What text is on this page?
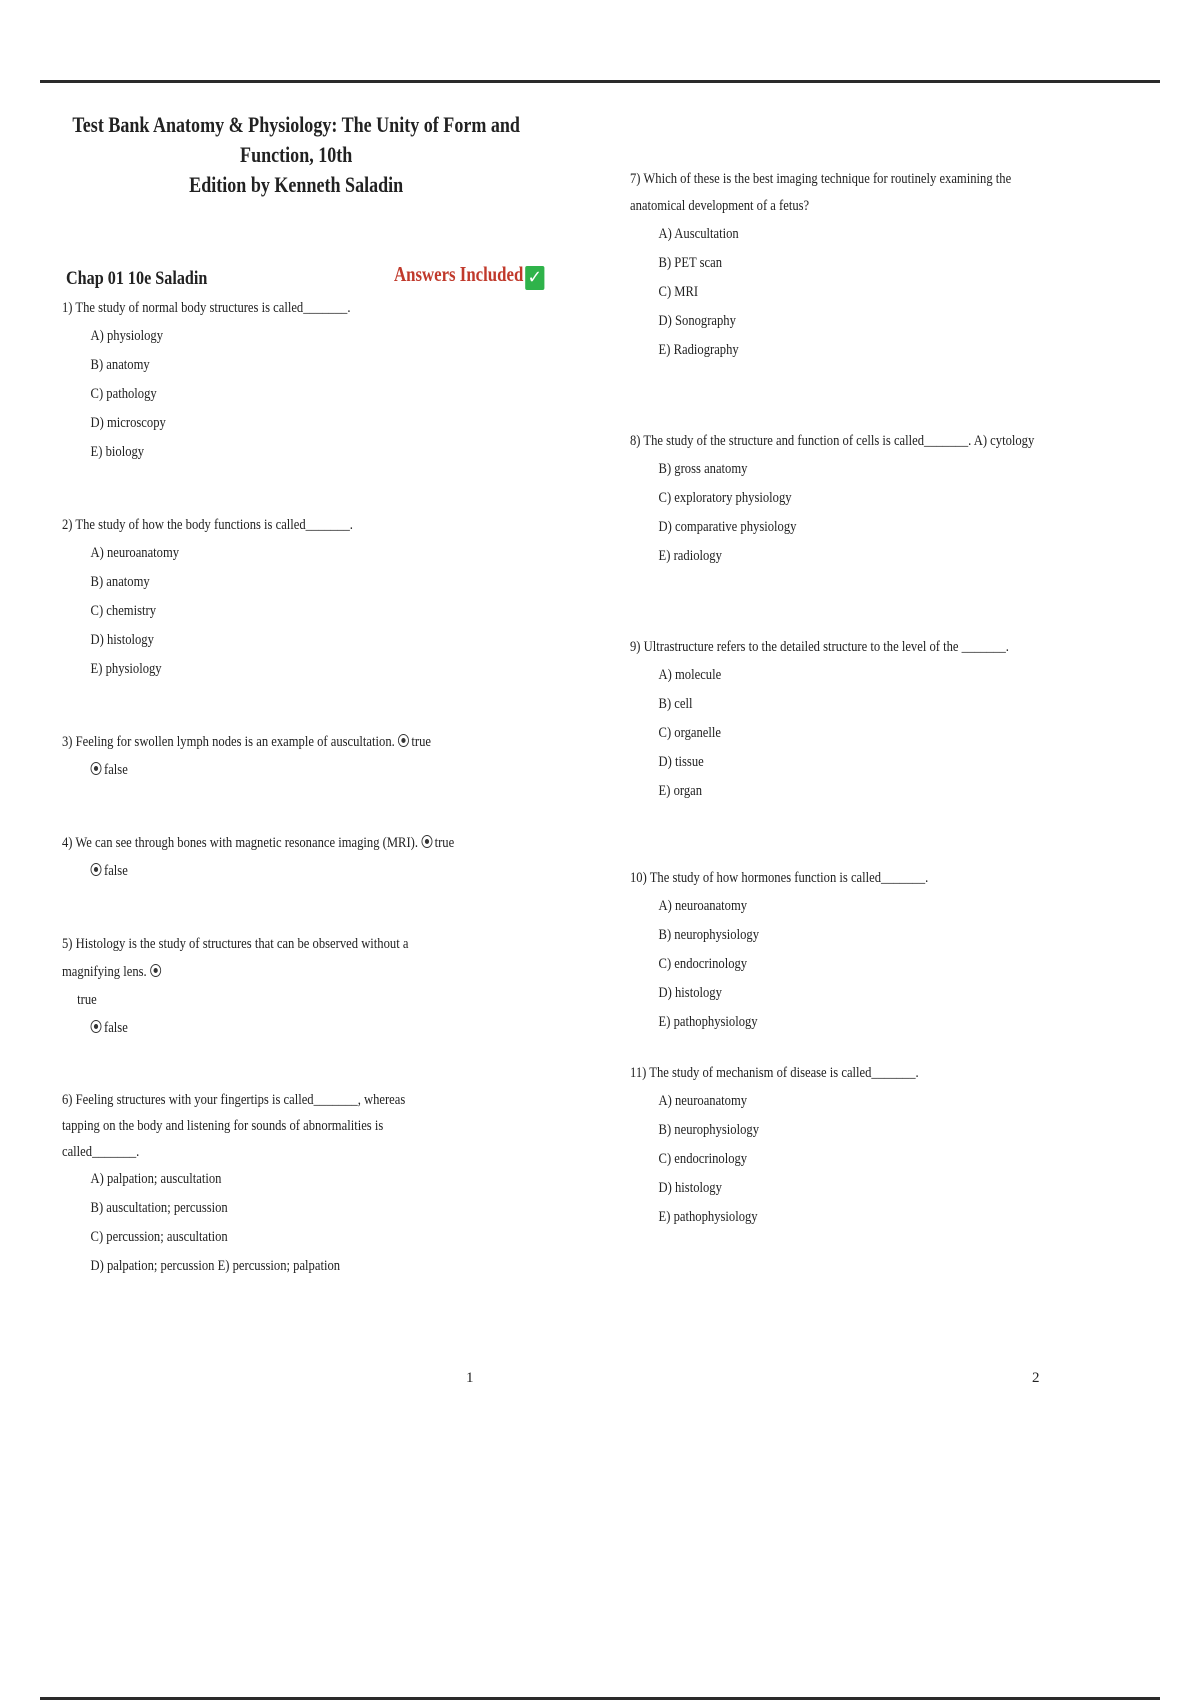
Test Bank Anatomy & Physiology: The Unity of Form and Function, 10th
Edition by Kenneth Saladin
Chap 01 10e Saladin	Answers Included ✓
1) The study of normal body structures is called_______.
A) physiology
B) anatomy
C) pathology
D) microscopy
E) biology
2) The study of how the body functions is called_______.
A) neuroanatomy
B) anatomy
C) chemistry
D) histology
E) physiology
3) Feeling for swollen lymph nodes is an example of auscultation. true
false
4) We can see through bones with magnetic resonance imaging (MRI). true
false
5) Histology is the study of structures that can be observed without a magnifying lens.
true
false
6) Feeling structures with your fingertips is called_______, whereas tapping on the body and listening for sounds of abnormalities is called_______.
A) palpation; auscultation
B) auscultation; percussion
C) percussion; auscultation
D) palpation; percussion E) percussion; palpation
7) Which of these is the best imaging technique for routinely examining the anatomical development of a fetus?
A) Auscultation
B) PET scan
C) MRI
D) Sonography
E) Radiography
8) The study of the structure and function of cells is called_______. A) cytology
B) gross anatomy
C) exploratory physiology
D) comparative physiology
E) radiology
9) Ultrastructure refers to the detailed structure to the level of the _______.
A) molecule
B) cell
C) organelle
D) tissue
E) organ
10) The study of how hormones function is called_______.
A) neuroanatomy
B) neurophysiology
C) endocrinology
D) histology
E) pathophysiology
11) The study of mechanism of disease is called_______.
A) neuroanatomy
B) neurophysiology
C) endocrinology
D) histology
E) pathophysiology
1	2
